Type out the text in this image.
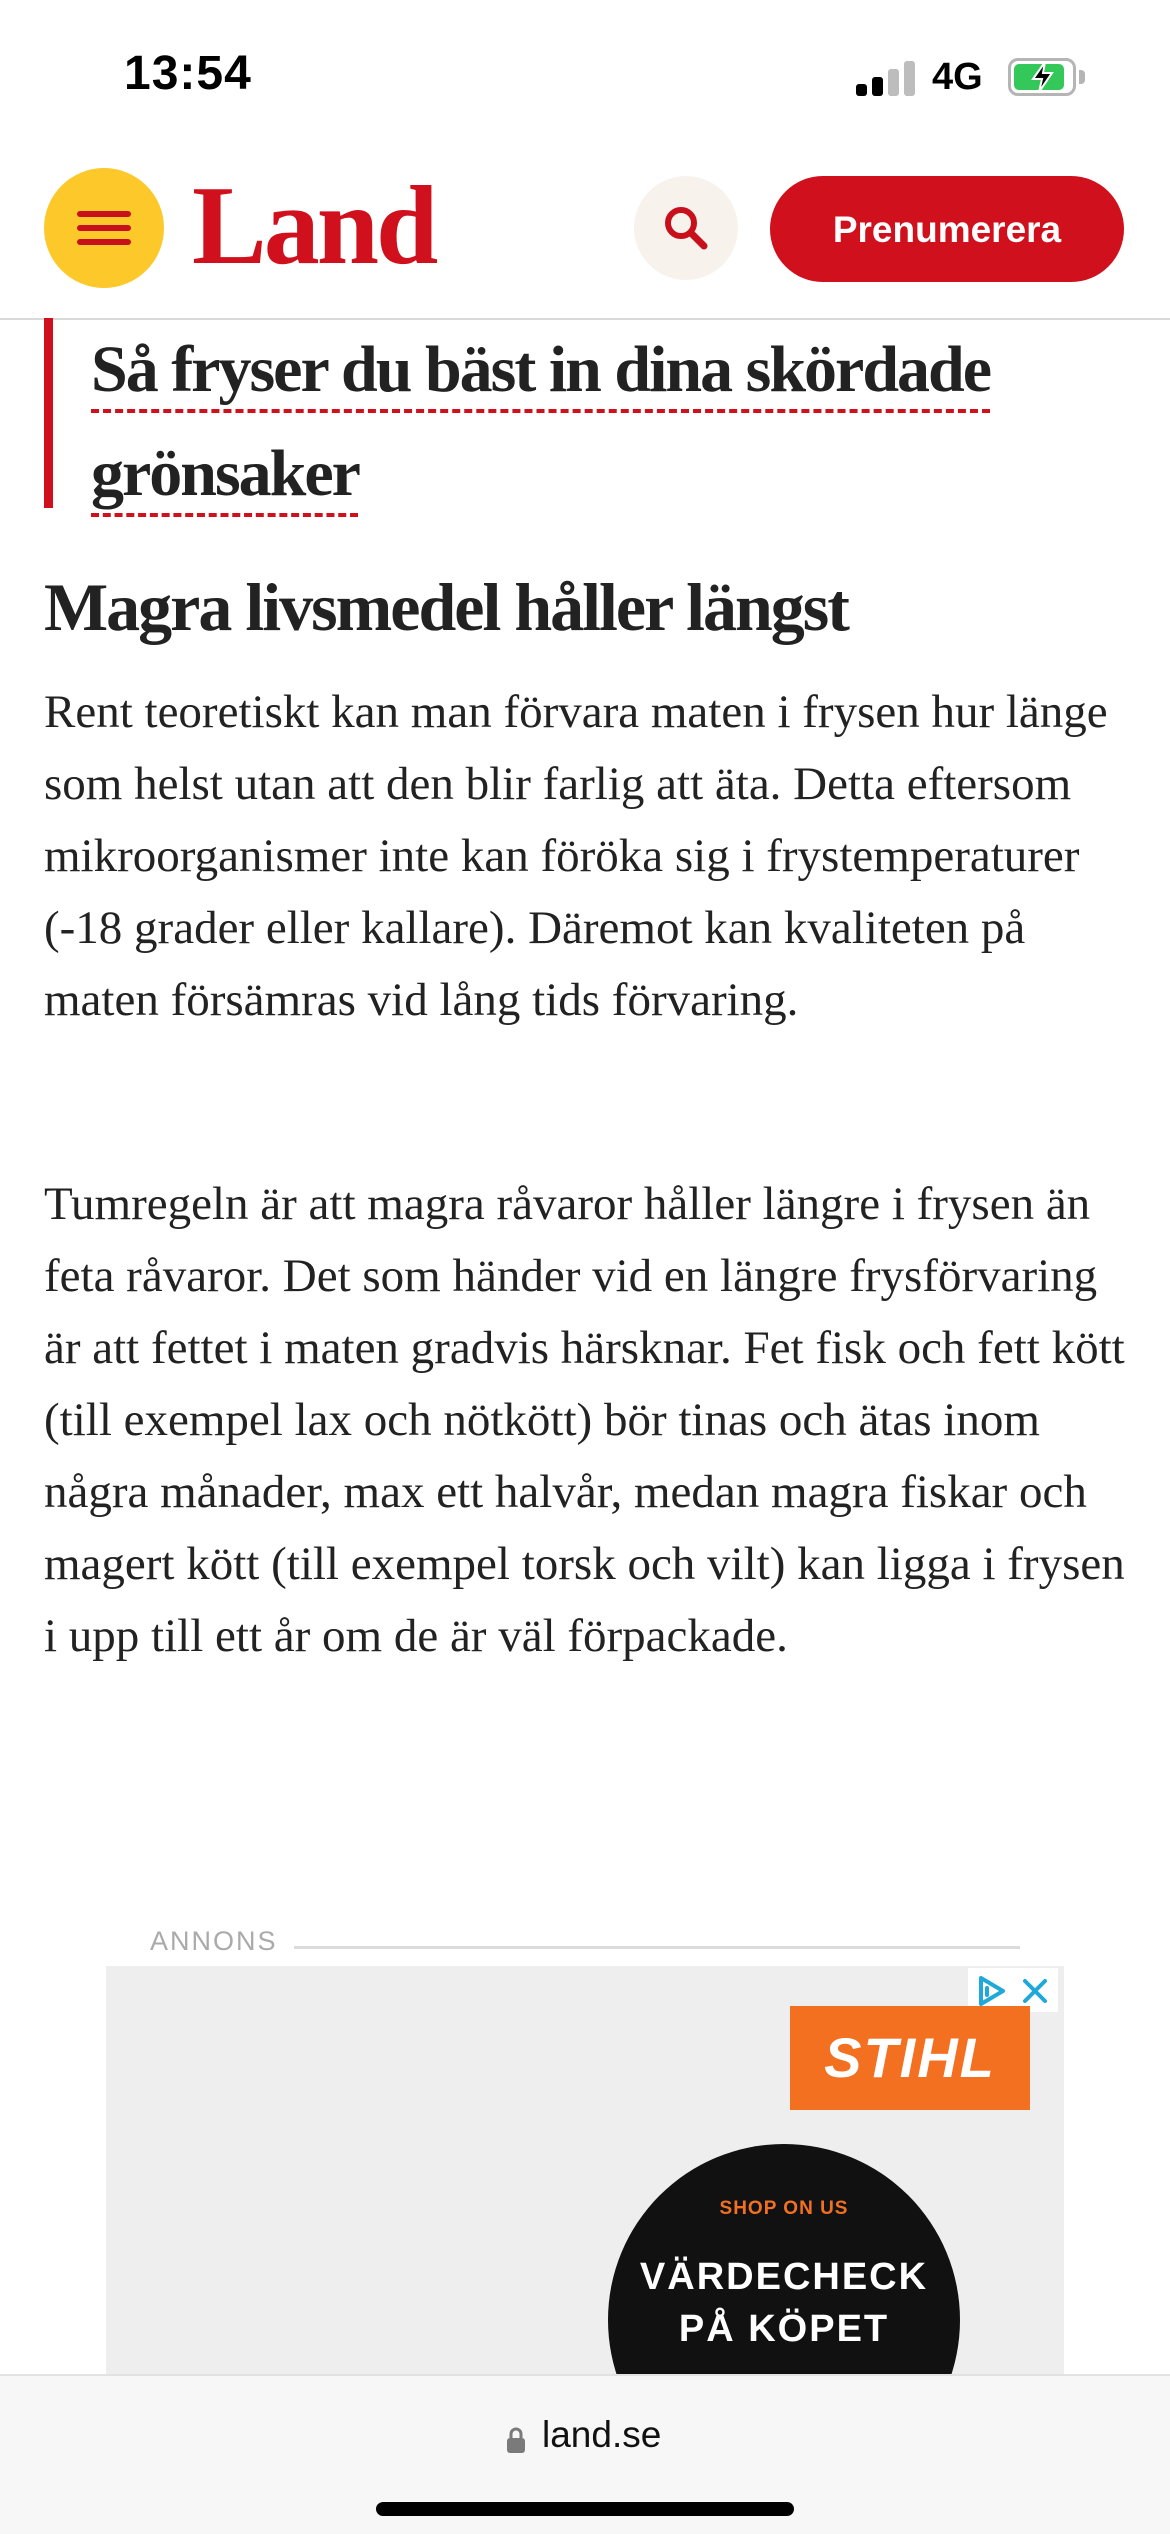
13:54	4G
Land	Prenumerera
Så fryser du bäst in dina skördade grönsaker
Magra livsmedel håller längst

Rent teoretiskt kan man förvara maten i frysen hur länge som helst utan att den blir farlig att äta. Detta eftersom mikroorganismer inte kan föröka sig i frystemperaturer (-18 grader eller kallare). Däremot kan kvaliteten på maten försämras vid lång tids förvaring.

Tumregeln är att magra råvaror håller längre i frysen än feta råvaror. Det som händer vid en längre frysförvaring är att fettet i maten gradvis härsknar. Fet fisk och fett kött (till exempel lax och nötkött) bör tinas och ätas inom några månader, max ett halvår, medan magra fiskar och magert kött (till exempel torsk och vilt) kan ligga i frysen i upp till ett år om de är väl förpackade.

ANNONS
STIHL
SHOP ON US
VÄRDECHECK
PÅ KÖPET
land.se
